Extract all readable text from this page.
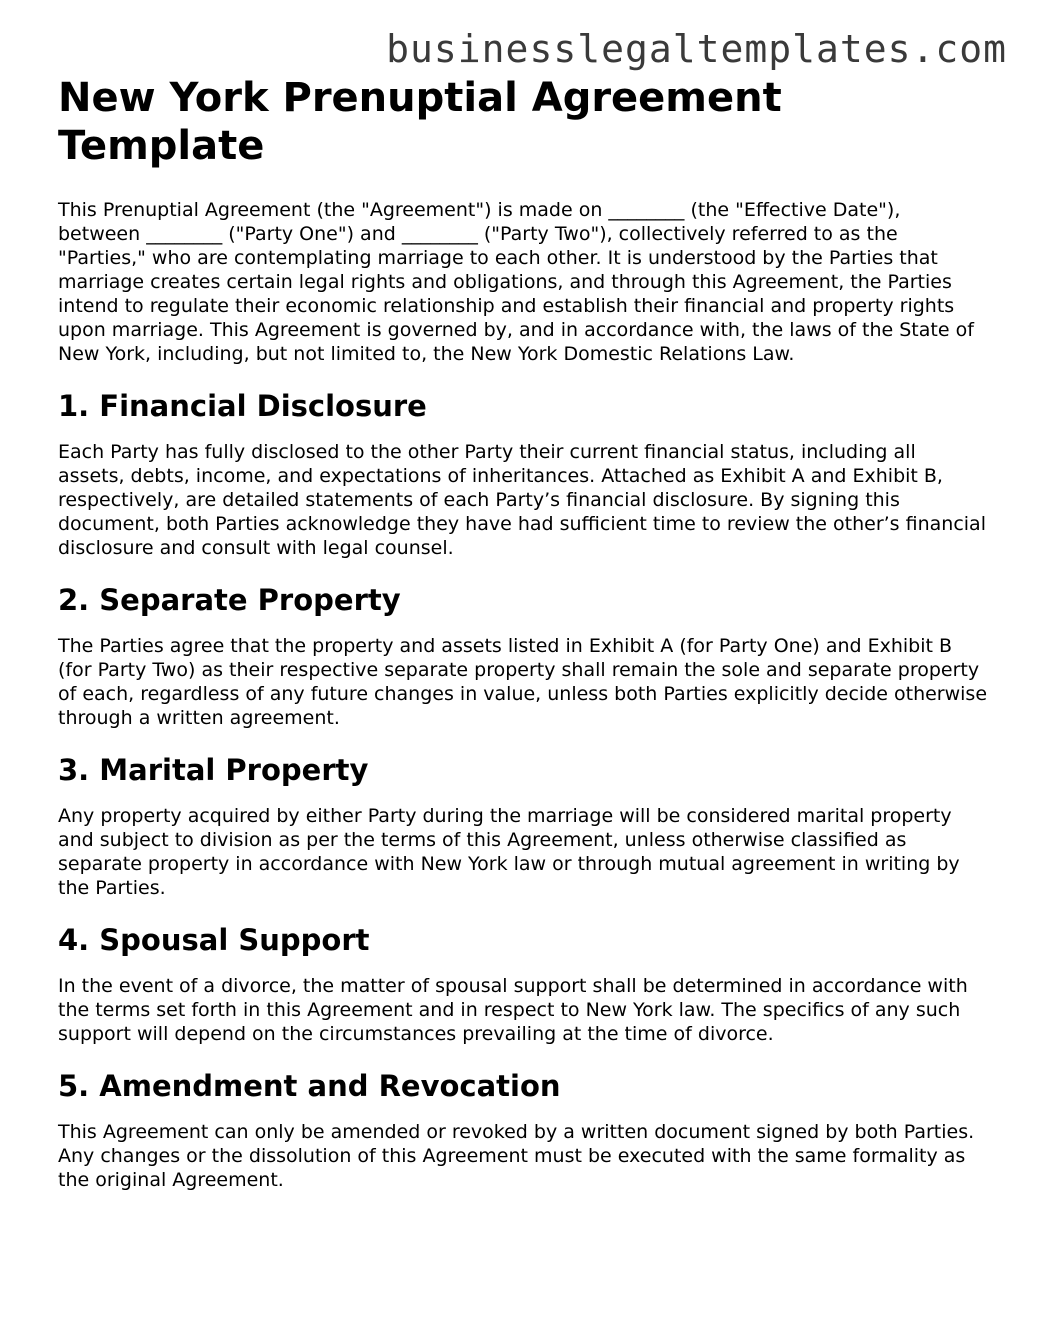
businesslegaltemplates.com
New York Prenuptial Agreement Template

This Prenuptial Agreement (the "Agreement") is made on ________ (the "Effective Date"), between ________ ("Party One") and ________ ("Party Two"), collectively referred to as the "Parties," who are contemplating marriage to each other. It is understood by the Parties that marriage creates certain legal rights and obligations, and through this Agreement, the Parties intend to regulate their economic relationship and establish their financial and property rights upon marriage. This Agreement is governed by, and in accordance with, the laws of the State of New York, including, but not limited to, the New York Domestic Relations Law.

1. Financial Disclosure

Each Party has fully disclosed to the other Party their current financial status, including all assets, debts, income, and expectations of inheritances. Attached as Exhibit A and Exhibit B, respectively, are detailed statements of each Party’s financial disclosure. By signing this document, both Parties acknowledge they have had sufficient time to review the other’s financial disclosure and consult with legal counsel.

2. Separate Property

The Parties agree that the property and assets listed in Exhibit A (for Party One) and Exhibit B (for Party Two) as their respective separate property shall remain the sole and separate property of each, regardless of any future changes in value, unless both Parties explicitly decide otherwise through a written agreement.

3. Marital Property

Any property acquired by either Party during the marriage will be considered marital property and subject to division as per the terms of this Agreement, unless otherwise classified as separate property in accordance with New York law or through mutual agreement in writing by the Parties.

4. Spousal Support

In the event of a divorce, the matter of spousal support shall be determined in accordance with the terms set forth in this Agreement and in respect to New York law. The specifics of any such support will depend on the circumstances prevailing at the time of divorce.

5. Amendment and Revocation

This Agreement can only be amended or revoked by a written document signed by both Parties. Any changes or the dissolution of this Agreement must be executed with the same formality as the original Agreement.
